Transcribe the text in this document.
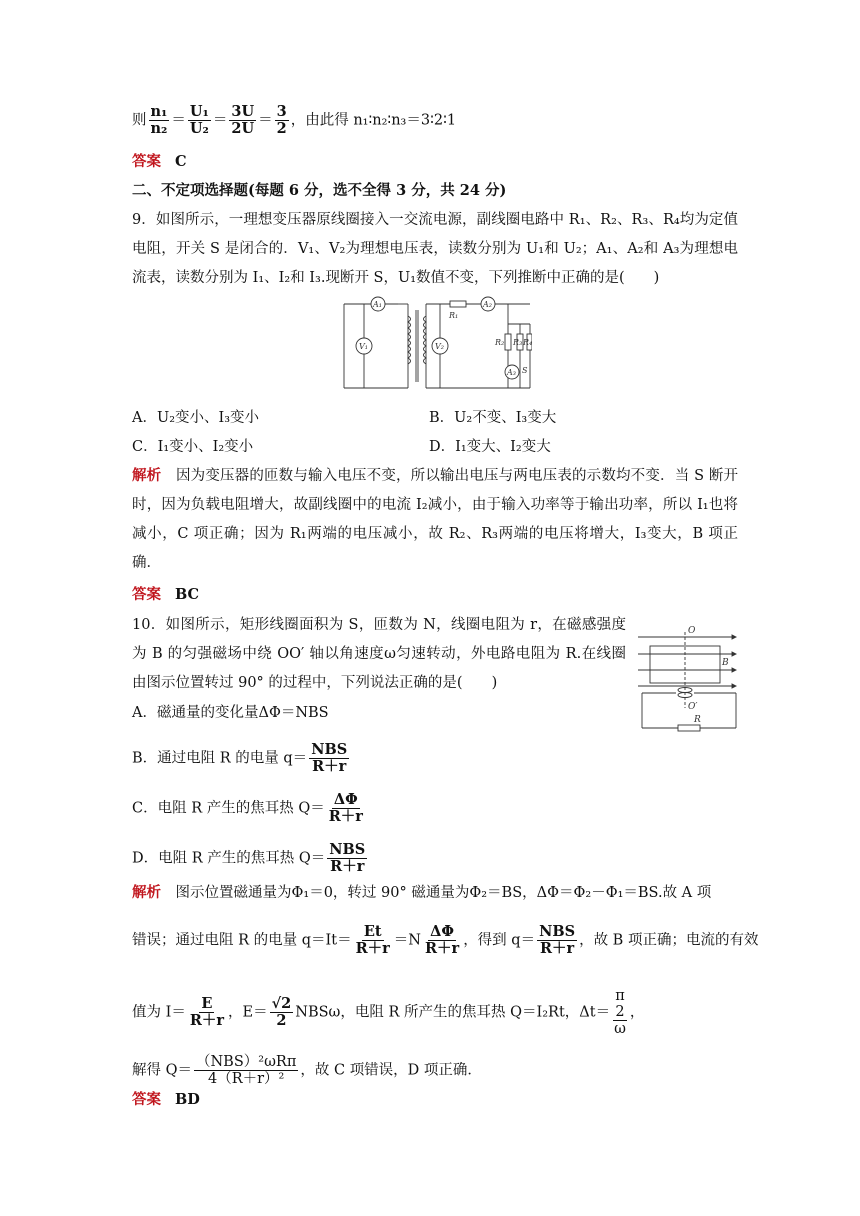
则 $\frac{\text{n₁}}{\text{n₂}} = \frac{\text{U₁}}{\text{U₂}} = \frac{3U}{2U} = \frac{3}{2}$ ，由此得 n₁∶n₂∶n₃＝3∶2∶1
答案 C
二、不定项选择题(每题 6 分，选不全得 3 分，共 24 分)
9．如图所示，一理想变压器原线圈接入一交流电源，副线圈电路中 R₁、R₂、R₃、R₄均为定值电阻，开关 S 是闭合的．V₁、V₂为理想电压表，读数分别为 U₁和 U₂；A₁、A₂和 A₃为理想电流表，读数分别为 I₁、I₂和 I₃.现断开 S，U₁数值不变，下列推断中正确的是(　　)
A₁
V₁	V₂
R₁
A₂
R₂ R₃ R₄
A₃ S
A．U₂变小、I₃变小	B．U₂不变、I₃变大
C．I₁变小、I₂变小	D．I₁变大、I₂变大
解析　 因为变压器的匝数与输入电压不变，所以输出电压与两电压表的示数均不变．当 S 断开时，因为负载电阻增大，故副线圈中的电流 I₂减小，由于输入功率等于输出功率，所以 I₁也将减小，C 项正确；因为 R₁两端的电压减小，故 R₂、R₃两端的电压将增大，I₃变大，B 项正确．
答案 BC
10．如图所示，矩形线圈面积为 S，匝数为 N，线圈电阻为 r，在磁感强度为 B 的匀强磁场中绕 OO′ 轴以角速度ω匀速转动，外电路电阻为 R.在线圈由图示位置转过 90° 的过程中，下列说法正确的是(　　)
O
B
O′
R
A．磁通量的变化量ΔΦ＝NBS
B．通过电阻 R 的电量 $q= \frac{\text{NBS}}{R+r}$
C．电阻 R 产生的焦耳热 $Q= \frac{\Delta\Phi}{R+r}$
D．电阻 R 产生的焦耳热 $Q= \frac{\text{NBS}}{R+r}$
解析　 图示位置磁通量为Φ₁＝0，转过 90° 磁通量为Φ₂＝BS，ΔΦ＝Φ₂－Φ₁＝BS.故 A 项
错误；通过电阻 R 的电量 $q=It= \frac{Et}{R+r} =N \frac{\Delta\Phi}{R+r}$ ，得到 $q= \frac{\text{NBS}}{R+r}$ ，故 B 项正确；电流的有效
值为 $I= \frac{E}{R+r}$ ，$E= \frac{√2}{2}$ NBSω，电阻 R 所产生的焦耳热 Q＝I₂Rt，Δt＝
π
2
ω
，
解得 $Q= \frac{\text{（NBS）²ωRπ}}{\text{4（R＋r）²}}$ ，故 C 项错误，D 项正确．
答案 BD
